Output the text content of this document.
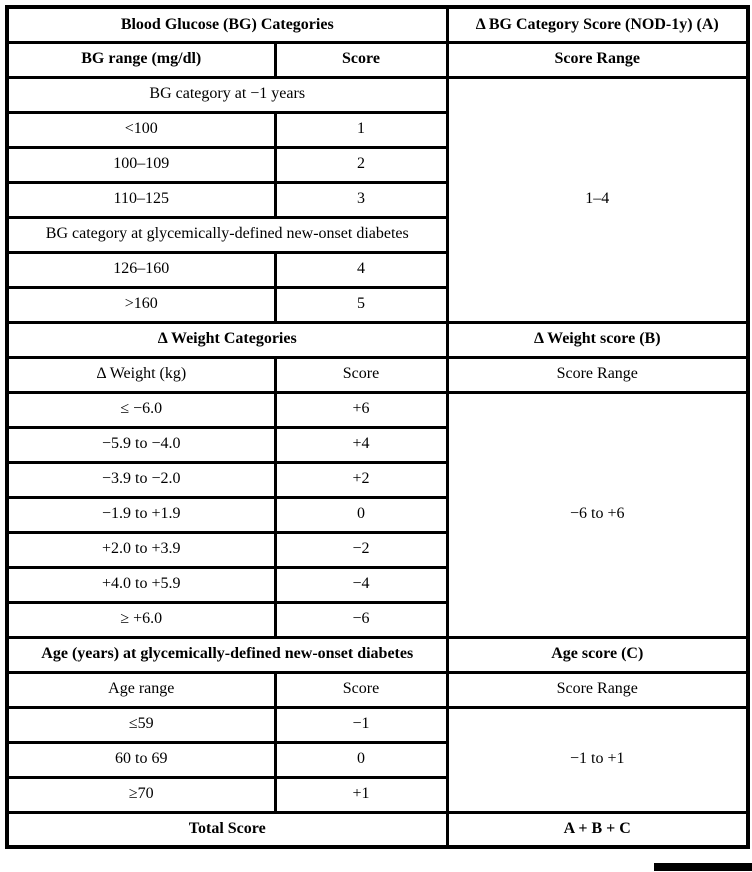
Blood Glucose (BG) Categories		Δ BG Category Score (NOD-1y) (A)
BG range (mg/dl)	Score	Score Range
BG category at −1 years		1–4
<100	1	
100–109	2	
110–125	3	
BG category at glycemically-defined new-onset diabetes		
126–160	4	
>160	5	
Δ Weight Categories		Δ Weight score (B)
Δ Weight (kg)	Score	Score Range
≤ −6.0	+6	−6 to +6
−5.9 to −4.0	+4	
−3.9 to −2.0	+2	
−1.9 to +1.9	0	
+2.0 to +3.9	−2	
+4.0 to +5.9	−4	
≥ +6.0	−6	
Age (years) at glycemically-defined new-onset diabetes		Age score (C)
Age range	Score	Score Range
≤59	−1	−1 to +1
60 to 69	0	
≥70	+1	
Total Score		A + B + C
